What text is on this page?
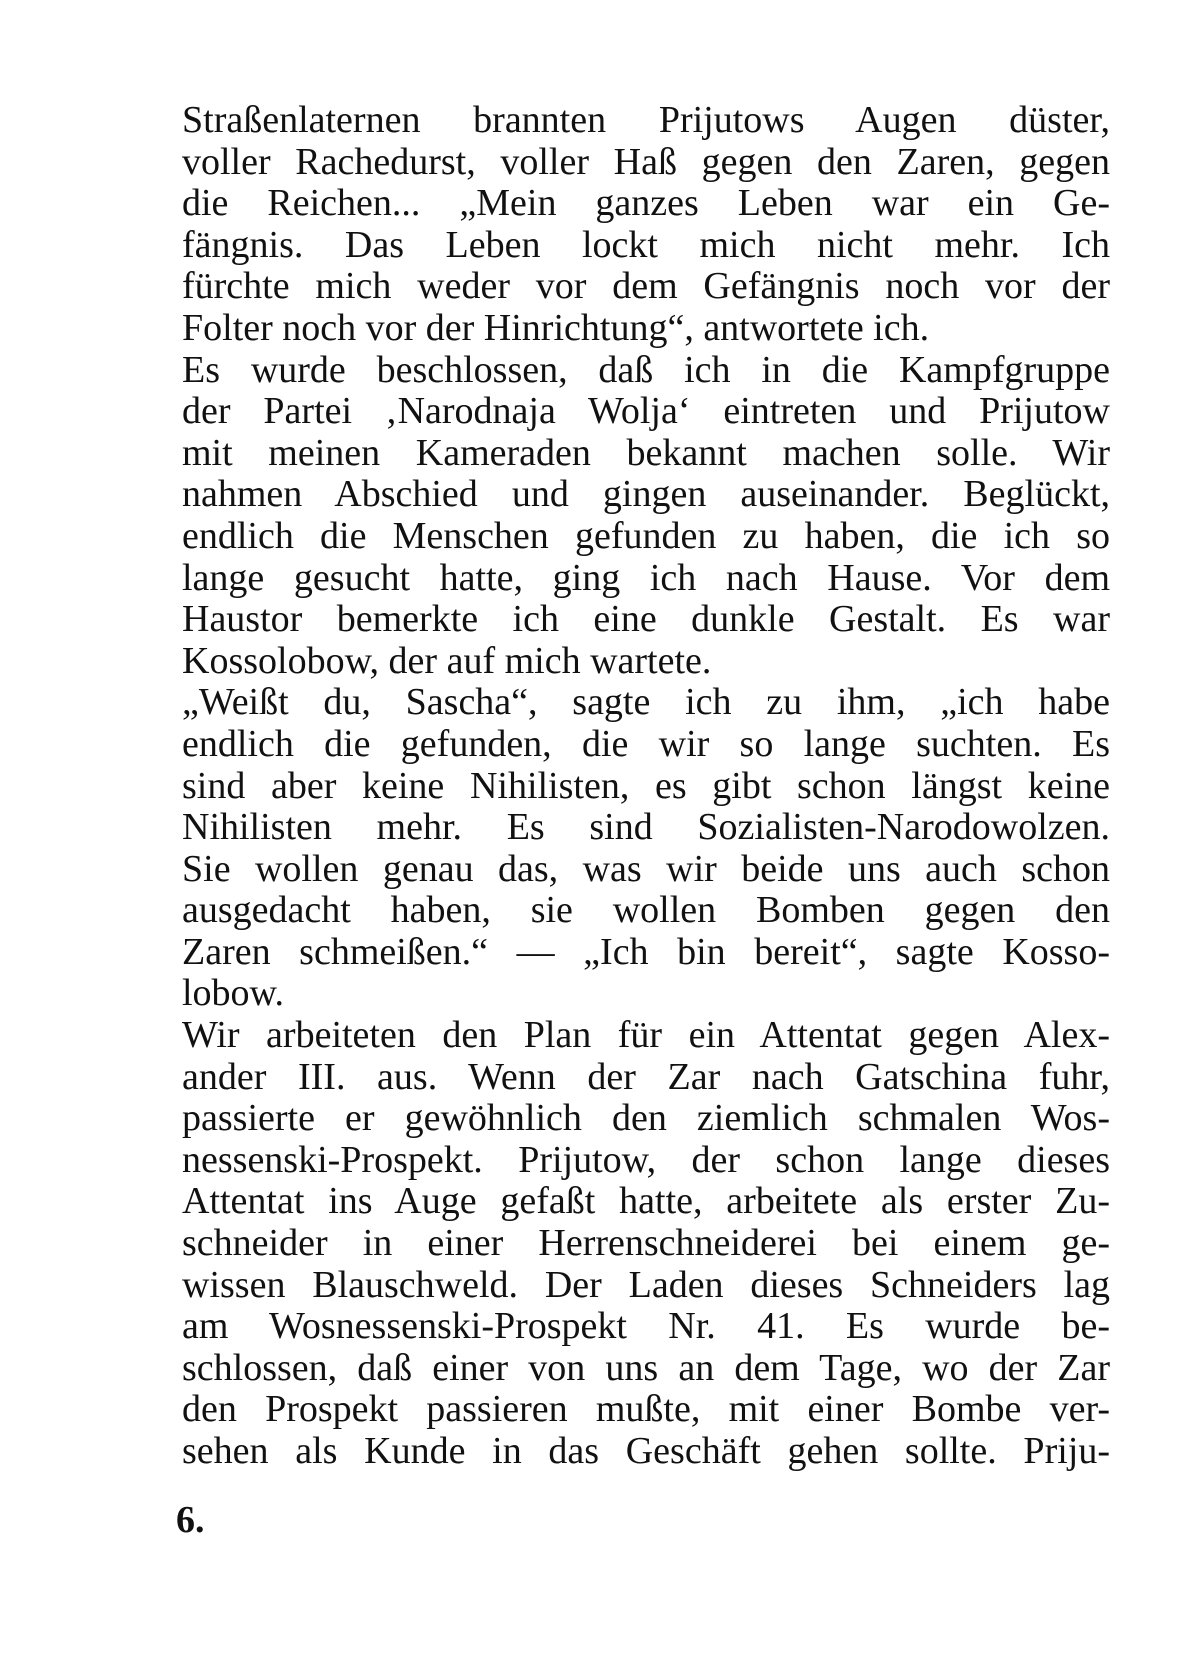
Straßenlaternen brannten Prijutows Augen düster,
voller Rachedurst, voller Haß gegen den Zaren, gegen
die Reichen... „Mein ganzes Leben war ein Ge-
fängnis. Das Leben lockt mich nicht mehr. Ich
fürchte mich weder vor dem Gefängnis noch vor der
Folter noch vor der Hinrichtung“, antwortete ich.
Es wurde beschlossen, daß ich in die Kampfgruppe
der Partei ‚Narodnaja Wolja‘ eintreten und Prijutow
mit meinen Kameraden bekannt machen solle. Wir
nahmen Abschied und gingen auseinander. Beglückt,
endlich die Menschen gefunden zu haben, die ich so
lange gesucht hatte, ging ich nach Hause. Vor dem
Haustor bemerkte ich eine dunkle Gestalt. Es war
Kossolobow, der auf mich wartete.
„Weißt du, Sascha“, sagte ich zu ihm, „ich habe
endlich die gefunden, die wir so lange suchten. Es
sind aber keine Nihilisten, es gibt schon längst keine
Nihilisten mehr. Es sind Sozialisten-Narodowolzen.
Sie wollen genau das, was wir beide uns auch schon
ausgedacht haben, sie wollen Bomben gegen den
Zaren schmeißen.“ — „Ich bin bereit“, sagte Kosso-
lobow.
Wir arbeiteten den Plan für ein Attentat gegen Alex-
ander III. aus. Wenn der Zar nach Gatschina fuhr,
passierte er gewöhnlich den ziemlich schmalen Wos-
nessenski-Prospekt. Prijutow, der schon lange dieses
Attentat ins Auge gefaßt hatte, arbeitete als erster Zu-
schneider in einer Herrenschneiderei bei einem ge-
wissen Blauschweld. Der Laden dieses Schneiders lag
am Wosnessenski-Prospekt Nr. 41. Es wurde be-
schlossen, daß einer von uns an dem Tage, wo der Zar
den Prospekt passieren mußte, mit einer Bombe ver-
sehen als Kunde in das Geschäft gehen sollte. Priju-
6.
